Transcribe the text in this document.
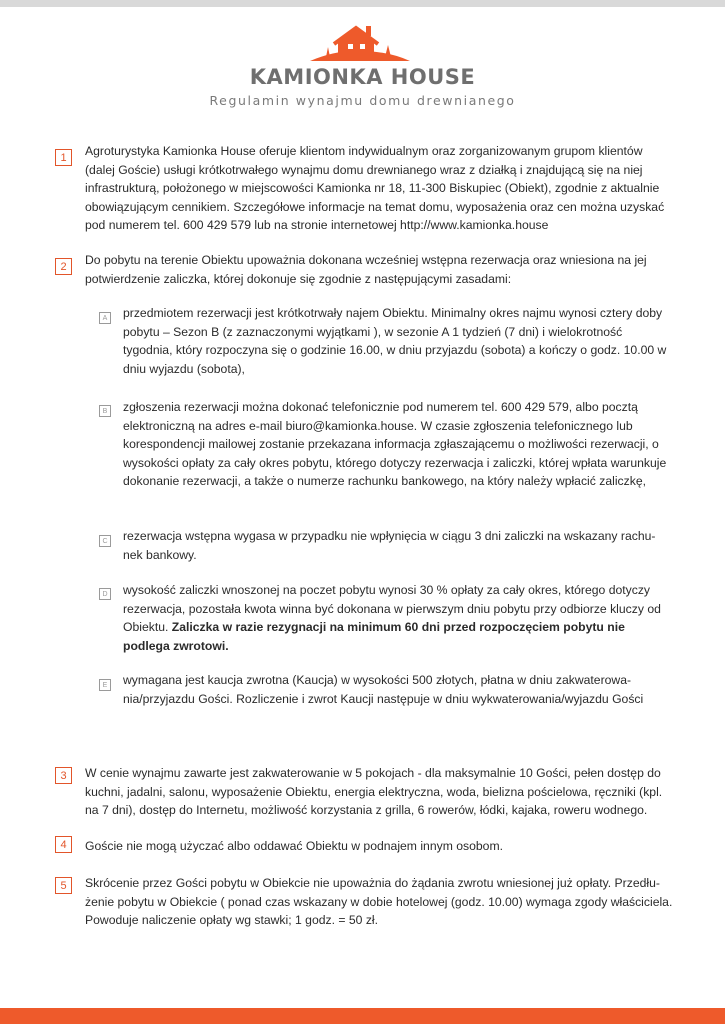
KAMIONKA HOUSE
Regulamin wynajmu domu drewnianego
1	Agroturystyka Kamionka House oferuje klientom indywidualnym oraz zorganizowanym grupom klientów (dalej Goście) usługi krótkotrwałego wynajmu domu drewnianego wraz z działką i znajdującą się na niej infrastrukturą, położonego w miejscowości Kamionka nr 18, 11-300 Biskupiec (Obiekt), zgodnie z aktualnie obowiązującym cennikiem. Szczegółowe informacje na temat domu, wyposażenia oraz cen można uzyskać pod numerem tel. 600 429 579 lub na stronie internetowej http://www.kamionka.house
2	Do pobytu na terenie Obiektu upoważnia dokonana wcześniej wstępna rezerwacja oraz wniesiona na jej potwierdzenie zaliczka, której dokonuje się zgodnie z następującymi zasadami:
A	przedmiotem rezerwacji jest krótkotrwały najem Obiektu. Minimalny okres najmu wynosi cztery doby pobytu – Sezon B (z zaznaczonymi wyjątkami ), w sezonie A 1 tydzień (7 dni) i wielokrotność tygodnia, który rozpoczyna się o godzinie 16.00, w dniu przyjazdu (sobota) a kończy o godz. 10.00 w dniu wyjazdu (sobota),
B	zgłoszenia rezerwacji można dokonać telefonicznie pod numerem tel. 600 429 579, albo pocztą elektroniczną na adres e-mail biuro@kamionka.house. W czasie zgłoszenia telefonicznego lub korespondencji mailowej zostanie przekazana informacja zgłaszającemu o możliwości rezerwacji, o wysokości opłaty za cały okres pobytu, którego dotyczy rezerwacja i zaliczki, której wpłata warunkuje dokonanie rezerwacji, a także o numerze rachunku bankowego, na który należy wpłacić zaliczkę,
C rezerwacja wstępna wygasa w przypadku nie wpłynięcia w ciągu 3 dni zaliczki na wskazany rachu-nek bankowy.
D wysokość zaliczki wnoszonej na poczet pobytu wynosi 30 % opłaty za cały okres, którego dotyczy rezerwacja, pozostała kwota winna być dokonana w pierwszym dniu pobytu przy odbiorze kluczy od Obiektu. Zaliczka w razie rezygnacji na minimum 60 dni przed rozpoczęciem pobytu nie podlega zwrotowi.
E	wymagana jest kaucja zwrotna (Kaucja) w wysokości 500 złotych, płatna w dniu zakwaterowa-nia/przyjazdu Gości. Rozliczenie i zwrot Kaucji następuje w dniu wykwaterowania/wyjazdu Gości
3	W cenie wynajmu zawarte jest zakwaterowanie w 5 pokojach - dla maksymalnie 10 Gości, pełen dostęp do kuchni, jadalni, salonu, wyposażenie Obiektu, energia elektryczna, woda, bielizna pościelowa, ręczniki (kpl. na 7 dni), dostęp do Internetu, możliwość korzystania z grilla, 6 rowerów, łódki, kajaka, roweru wodnego.
4	Goście nie mogą użyczać albo oddawać Obiektu w podnajem innym osobom.
5	Skrócenie przez Gości pobytu w Obiekcie nie upoważnia do żądania zwrotu wniesionej już opłaty. Przedłu-żenie pobytu w Obiekcie ( ponad czas wskazany w dobie hotelowej (godz. 10.00) wymaga zgody właściciela. Powoduje naliczenie opłaty wg stawki; 1 godz. = 50 zł.
